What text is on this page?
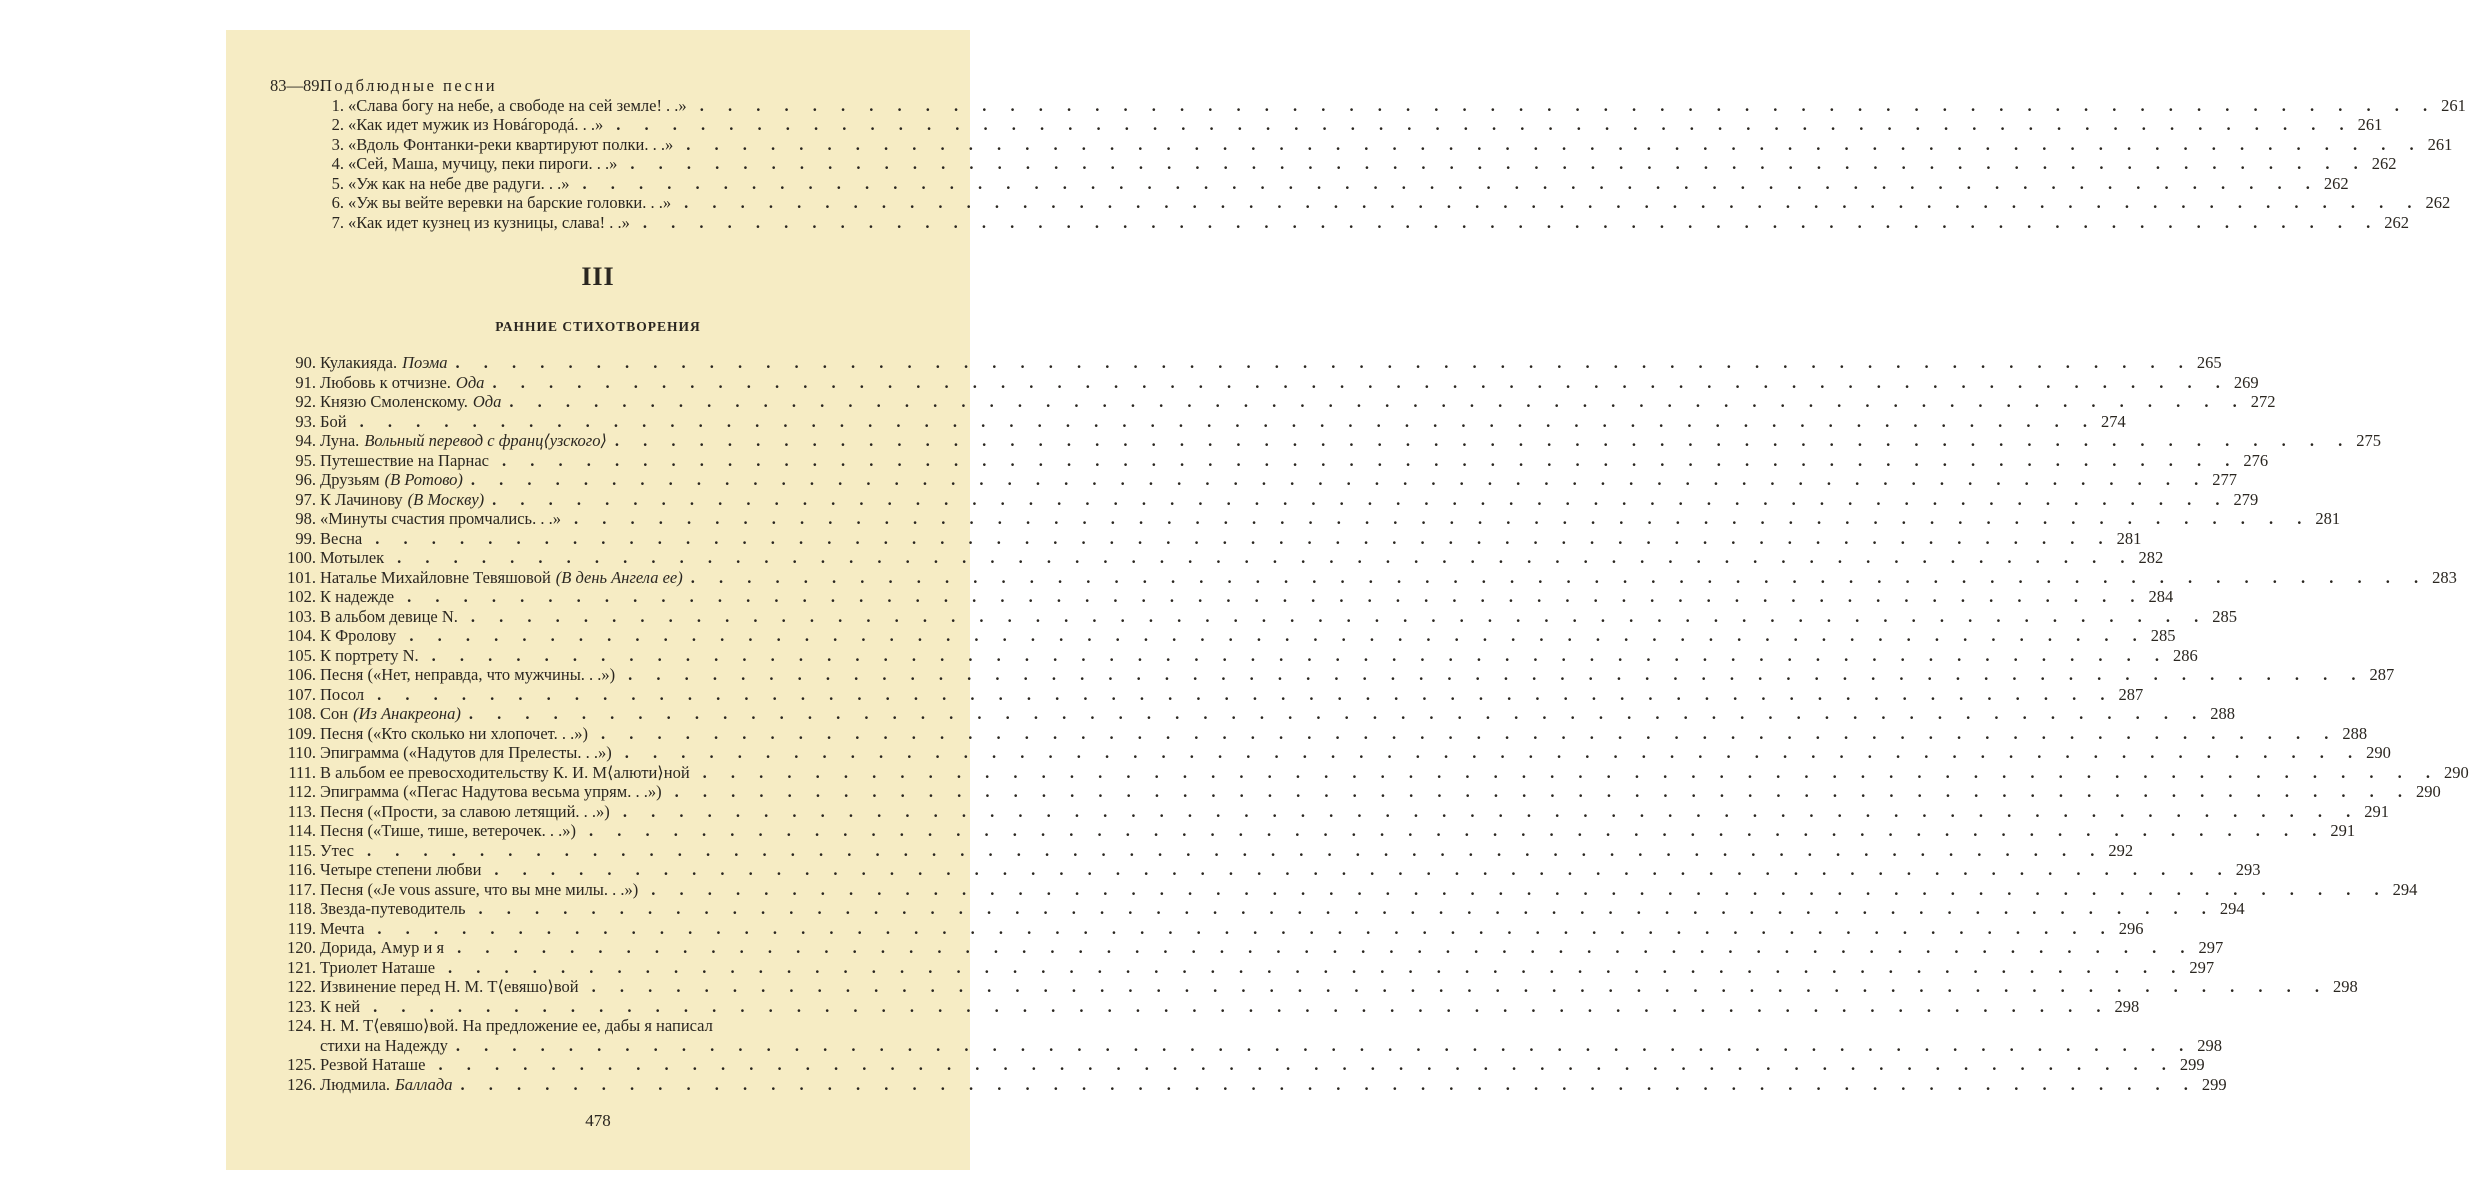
83—89.
Подблюдные песни
1. «Слава богу на небе, а свободе на сей земле! . .» . . . . . . . . . . . . . . . . . . . . . . . . . . . . . . . . . . . . . . . . . . . . . . . . . . . . . . . . . . . . . . 261
2. «Как идет мужик из Новáгородá. . .» . . . . . . . . . . . . . . . . . . . . . . . . . . . . . . . . . . . . . . . . . . . . . . . . . . . . . . . . . . . . . . 261
3. «Вдоль Фонтанки-реки квартируют полки. . .» . . . . . . . . . . . . . . . . . . . . . . . . . . . . . . . . . . . . . . . . . . . . . . . . . . . . . . . . . . . . . . 261
4. «Сей, Маша, мучицу, пеки пироги. . .» . . . . . . . . . . . . . . . . . . . . . . . . . . . . . . . . . . . . . . . . . . . . . . . . . . . . . . . . . . . . . . 262
5. «Уж как на небе две радуги. . .» . . . . . . . . . . . . . . . . . . . . . . . . . . . . . . . . . . . . . . . . . . . . . . . . . . . . . . . . . . . . . . 262
6. «Уж вы вейте веревки на барские головки. . .» . . . . . . . . . . . . . . . . . . . . . . . . . . . . . . . . . . . . . . . . . . . . . . . . . . . . . . . . . . . . . . 262
7. «Как идет кузнец из кузницы, слава! . .» . . . . . . . . . . . . . . . . . . . . . . . . . . . . . . . . . . . . . . . . . . . . . . . . . . . . . . . . . . . . . . 262
III
РАННИЕ СТИХОТВОРЕНИЯ
90. Кулакияда. Поэма . . . . . . . . . . . . . . . . . . . . . . . . . . . . . . . . . . . . . . . . . . . . . . . . . . . . . . . . . . . . . . 265
91. Любовь к отчизне. Ода . . . . . . . . . . . . . . . . . . . . . . . . . . . . . . . . . . . . . . . . . . . . . . . . . . . . . . . . . . . . . . 269
92. Князю Смоленскому. Ода . . . . . . . . . . . . . . . . . . . . . . . . . . . . . . . . . . . . . . . . . . . . . . . . . . . . . . . . . . . . . . 272
93. Бой . . . . . . . . . . . . . . . . . . . . . . . . . . . . . . . . . . . . . . . . . . . . . . . . . . . . . . . . . . . . . . 274
94. Луна. Вольный перевод с франц⟨узского⟩ . . . . . . . . . . . . . . . . . . . . . . . . . . . . . . . . . . . . . . . . . . . . . . . . . . . . . . . . . . . . . . 275
95. Путешествие на Парнас . . . . . . . . . . . . . . . . . . . . . . . . . . . . . . . . . . . . . . . . . . . . . . . . . . . . . . . . . . . . . . 276
96. Друзьям (В Ротово) . . . . . . . . . . . . . . . . . . . . . . . . . . . . . . . . . . . . . . . . . . . . . . . . . . . . . . . . . . . . . . 277
97. К Лачинову (В Москву) . . . . . . . . . . . . . . . . . . . . . . . . . . . . . . . . . . . . . . . . . . . . . . . . . . . . . . . . . . . . . . 279
98. «Минуты счастия промчались. . .» . . . . . . . . . . . . . . . . . . . . . . . . . . . . . . . . . . . . . . . . . . . . . . . . . . . . . . . . . . . . . . 281
99. Весна . . . . . . . . . . . . . . . . . . . . . . . . . . . . . . . . . . . . . . . . . . . . . . . . . . . . . . . . . . . . . . 281
100. Мотылек . . . . . . . . . . . . . . . . . . . . . . . . . . . . . . . . . . . . . . . . . . . . . . . . . . . . . . . . . . . . . . 282
101. Наталье Михайловне Тевяшовой (В день Ангела ее) . . . . . . . . . . . . . . . . . . . . . . . . . . . . . . . . . . . . . . . . . . . . . . . . . . . . . . . . . . . . . . 283
102. К надежде . . . . . . . . . . . . . . . . . . . . . . . . . . . . . . . . . . . . . . . . . . . . . . . . . . . . . . . . . . . . . . 284
103. В альбом девице N. . . . . . . . . . . . . . . . . . . . . . . . . . . . . . . . . . . . . . . . . . . . . . . . . . . . . . . . . . . . . . . 285
104. К Фролову . . . . . . . . . . . . . . . . . . . . . . . . . . . . . . . . . . . . . . . . . . . . . . . . . . . . . . . . . . . . . . 285
105. К портрету N. . . . . . . . . . . . . . . . . . . . . . . . . . . . . . . . . . . . . . . . . . . . . . . . . . . . . . . . . . . . . . . 286
106. Песня («Нет, неправда, что мужчины. . .») . . . . . . . . . . . . . . . . . . . . . . . . . . . . . . . . . . . . . . . . . . . . . . . . . . . . . . . . . . . . . . 287
107. Посол . . . . . . . . . . . . . . . . . . . . . . . . . . . . . . . . . . . . . . . . . . . . . . . . . . . . . . . . . . . . . . 287
108. Сон (Из Анакреона) . . . . . . . . . . . . . . . . . . . . . . . . . . . . . . . . . . . . . . . . . . . . . . . . . . . . . . . . . . . . . . 288
109. Песня («Кто сколько ни хлопочет. . .») . . . . . . . . . . . . . . . . . . . . . . . . . . . . . . . . . . . . . . . . . . . . . . . . . . . . . . . . . . . . . . 288
110. Эпиграмма («Надутов для Прелесты. . .») . . . . . . . . . . . . . . . . . . . . . . . . . . . . . . . . . . . . . . . . . . . . . . . . . . . . . . . . . . . . . . 290
111. В альбом ее превосходительству К. И. М⟨алюти⟩ной . . . . . . . . . . . . . . . . . . . . . . . . . . . . . . . . . . . . . . . . . . . . . . . . . . . . . . . . . . . . . . 290
112. Эпиграмма («Пегас Надутова весьма упрям. . .») . . . . . . . . . . . . . . . . . . . . . . . . . . . . . . . . . . . . . . . . . . . . . . . . . . . . . . . . . . . . . . 290
113. Песня («Прости, за славою летящий. . .») . . . . . . . . . . . . . . . . . . . . . . . . . . . . . . . . . . . . . . . . . . . . . . . . . . . . . . . . . . . . . . 291
114. Песня («Тише, тише, ветерочек. . .») . . . . . . . . . . . . . . . . . . . . . . . . . . . . . . . . . . . . . . . . . . . . . . . . . . . . . . . . . . . . . . 291
115. Утес . . . . . . . . . . . . . . . . . . . . . . . . . . . . . . . . . . . . . . . . . . . . . . . . . . . . . . . . . . . . . . 292
116. Четыре степени любви . . . . . . . . . . . . . . . . . . . . . . . . . . . . . . . . . . . . . . . . . . . . . . . . . . . . . . . . . . . . . . 293
117. Песня («Je vous assure, что вы мне милы. . .») . . . . . . . . . . . . . . . . . . . . . . . . . . . . . . . . . . . . . . . . . . . . . . . . . . . . . . . . . . . . . . 294
118. Звезда-путеводитель . . . . . . . . . . . . . . . . . . . . . . . . . . . . . . . . . . . . . . . . . . . . . . . . . . . . . . . . . . . . . . 294
119. Мечта . . . . . . . . . . . . . . . . . . . . . . . . . . . . . . . . . . . . . . . . . . . . . . . . . . . . . . . . . . . . . . 296
120. Дорида, Амур и я . . . . . . . . . . . . . . . . . . . . . . . . . . . . . . . . . . . . . . . . . . . . . . . . . . . . . . . . . . . . . . 297
121. Триолет Наташе . . . . . . . . . . . . . . . . . . . . . . . . . . . . . . . . . . . . . . . . . . . . . . . . . . . . . . . . . . . . . . 297
122. Извинение перед Н. М. Т⟨евяшо⟩вой . . . . . . . . . . . . . . . . . . . . . . . . . . . . . . . . . . . . . . . . . . . . . . . . . . . . . . . . . . . . . . 298
123. К ней . . . . . . . . . . . . . . . . . . . . . . . . . . . . . . . . . . . . . . . . . . . . . . . . . . . . . . . . . . . . . . 298
124. Н. М. Т⟨евяшо⟩вой. На предложение ее, дабы я написал
стихи на Надежду . . . . . . . . . . . . . . . . . . . . . . . . . . . . . . . . . . . . . . . . . . . . . . . . . . . . . . . . . . . . . . 298
125. Резвой Наташе . . . . . . . . . . . . . . . . . . . . . . . . . . . . . . . . . . . . . . . . . . . . . . . . . . . . . . . . . . . . . . 299
126. Людмила. Баллада . . . . . . . . . . . . . . . . . . . . . . . . . . . . . . . . . . . . . . . . . . . . . . . . . . . . . . . . . . . . . . 299
478
